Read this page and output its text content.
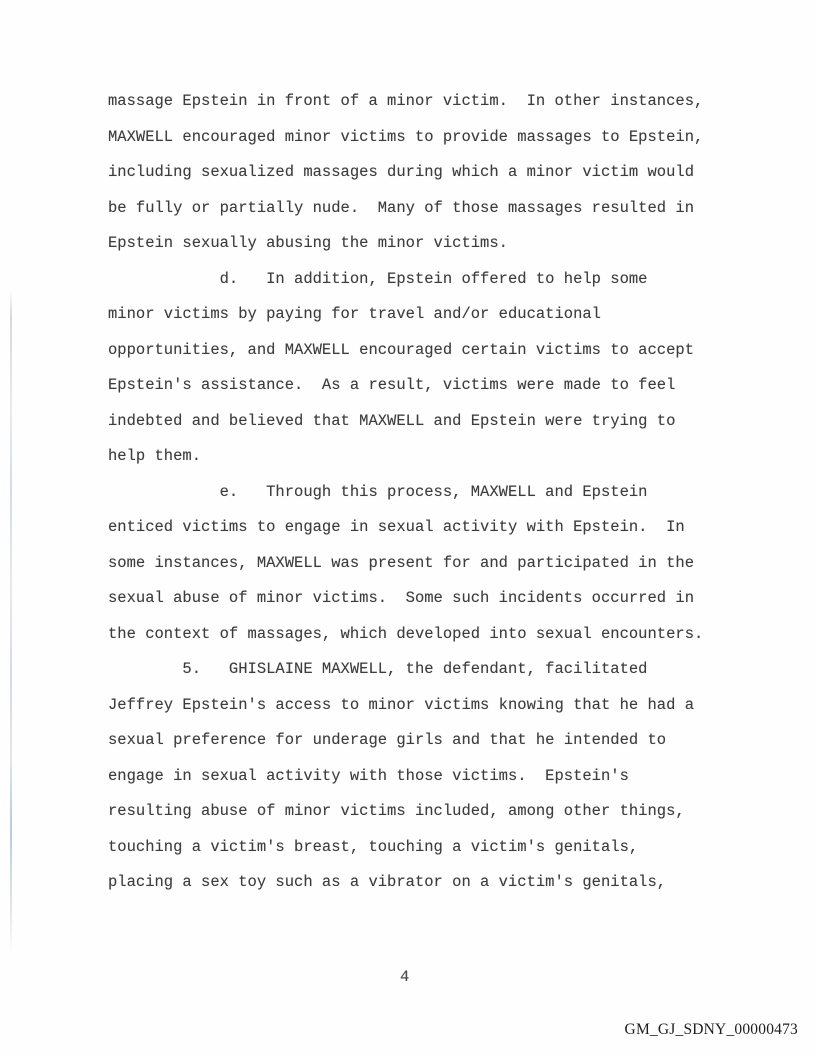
massage Epstein in front of a minor victim.  In other instances,
MAXWELL encouraged minor victims to provide massages to Epstein,
including sexualized massages during which a minor victim would
be fully or partially nude.  Many of those massages resulted in
Epstein sexually abusing the minor victims.
d.   In addition, Epstein offered to help some
minor victims by paying for travel and/or educational
opportunities, and MAXWELL encouraged certain victims to accept
Epstein's assistance.  As a result, victims were made to feel
indebted and believed that MAXWELL and Epstein were trying to
help them.
e.   Through this process, MAXWELL and Epstein
enticed victims to engage in sexual activity with Epstein.  In
some instances, MAXWELL was present for and participated in the
sexual abuse of minor victims.  Some such incidents occurred in
the context of massages, which developed into sexual encounters.
5.   GHISLAINE MAXWELL, the defendant, facilitated
Jeffrey Epstein's access to minor victims knowing that he had a
sexual preference for underage girls and that he intended to
engage in sexual activity with those victims.  Epstein's
resulting abuse of minor victims included, among other things,
touching a victim's breast, touching a victim's genitals,
placing a sex toy such as a vibrator on a victim's genitals,
4
GM_GJ_SDNY_00000473
